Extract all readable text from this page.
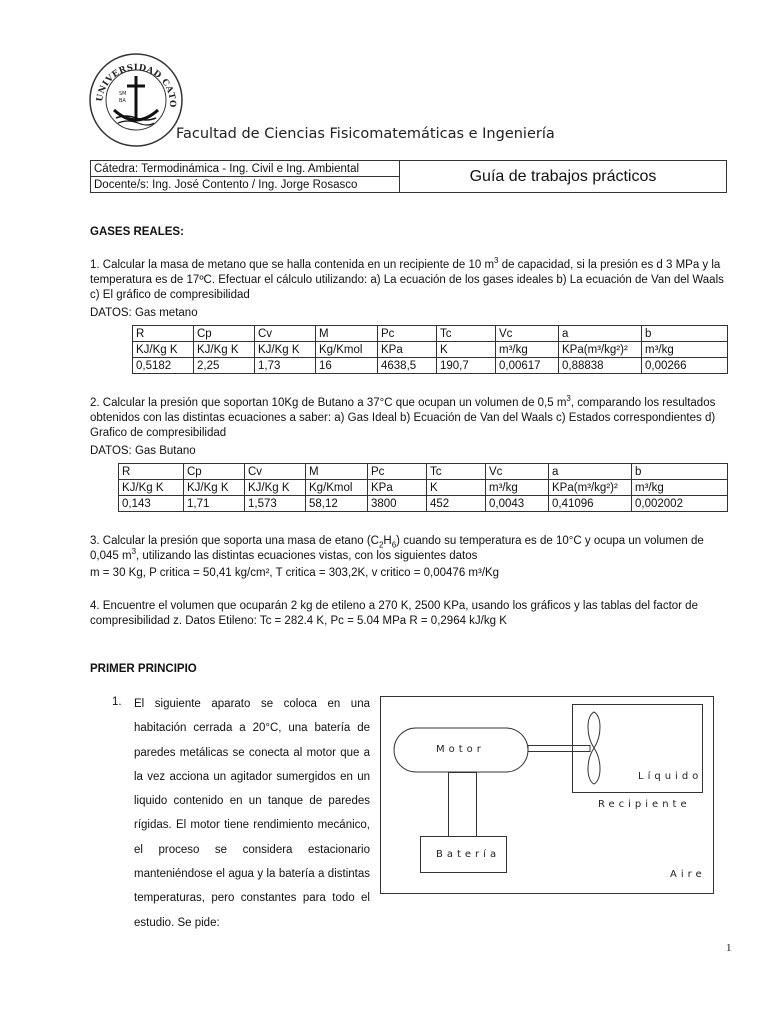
UNIVERSIDAD CATO
SM
BA
Facultad de Ciencias Fisicomatemáticas e Ingeniería
Cátedra: Termodinámica - Ing. Civil e Ing. Ambiental	Guía de trabajos prácticos
Docente/s: Ing. José Contento / Ing. Jorge Rosasco
GASES REALES:
1. Calcular la masa de metano que se halla contenida en un recipiente de 10 $m^3$ de capacidad, si la presión es d 3 MPa y la temperatura es de 17ºC. Efectuar el cálculo utilizando: a) La ecuación de los gases ideales b) La ecuación de Van del Waals c) El gráfico de compresibilidad
DATOS: Gas metano
R	Cp	Cv	M	Pc	Tc	Vc	a	b
KJ/Kg K	KJ/Kg K	KJ/Kg K	Kg/Kmol	KPa	K	m³/kg	KPa(m³/kg²)²	m³/kg
0,5182	2,25	1,73	16	4638,5	190,7	0,00617	0,88838	0,00266
2. Calcular la presión que soportan 10Kg de Butano a 37°C que ocupan un volumen de 0,5 $m^3$, comparando los resultados obtenidos con las distintas ecuaciones a saber: a) Gas Ideal b) Ecuación de Van del Waals c) Estados correspondientes d) Grafico de compresibilidad
DATOS: Gas Butano
R	Cp	Cv	M	Pc	Tc	Vc	a	b
KJ/Kg K	KJ/Kg K	KJ/Kg K	Kg/Kmol	KPa	K	m³/kg	KPa(m³/kg²)²	m³/kg
0,143	1,71	1,573	58,12	3800	452	0,0043	0,41096	0,002002
3. Calcular la presión que soporta una masa de etano $(C_2H_6)$ cuando su temperatura es de 10°C y ocupa un volumen de 0,045 $m^3$, utilizando las distintas ecuaciones vistas, con los siguientes datos
m = 30 Kg, P critica = 50,41 kg/cm², T critica = 303,2K, v critico = 0,00476 m³/Kg
4. Encuentre el volumen que ocuparán 2 kg de etileno a 270 K, 2500 KPa, usando los gráficos y las tablas del factor de compresibilidad z. Datos Etileno: Tc = 282.4 K, Pc = 5.04 MPa R = 0,2964 kJ/kg K
PRIMER PRINCIPIO
1. El siguiente aparato se coloca en una habitación cerrada a 20°C, una batería de paredes metálicas se conecta al motor que a la vez acciona un agitador sumergidos en un liquido contenido en un tanque de paredes rígidas. El motor tiene rendimiento mecánico, el proceso se considera estacionario manteniéndose el agua y la batería a distintas temperaturas, pero constantes para todo el estudio. Se pide:
Motor
Líquido
Recipiente
Batería
Aire
1
